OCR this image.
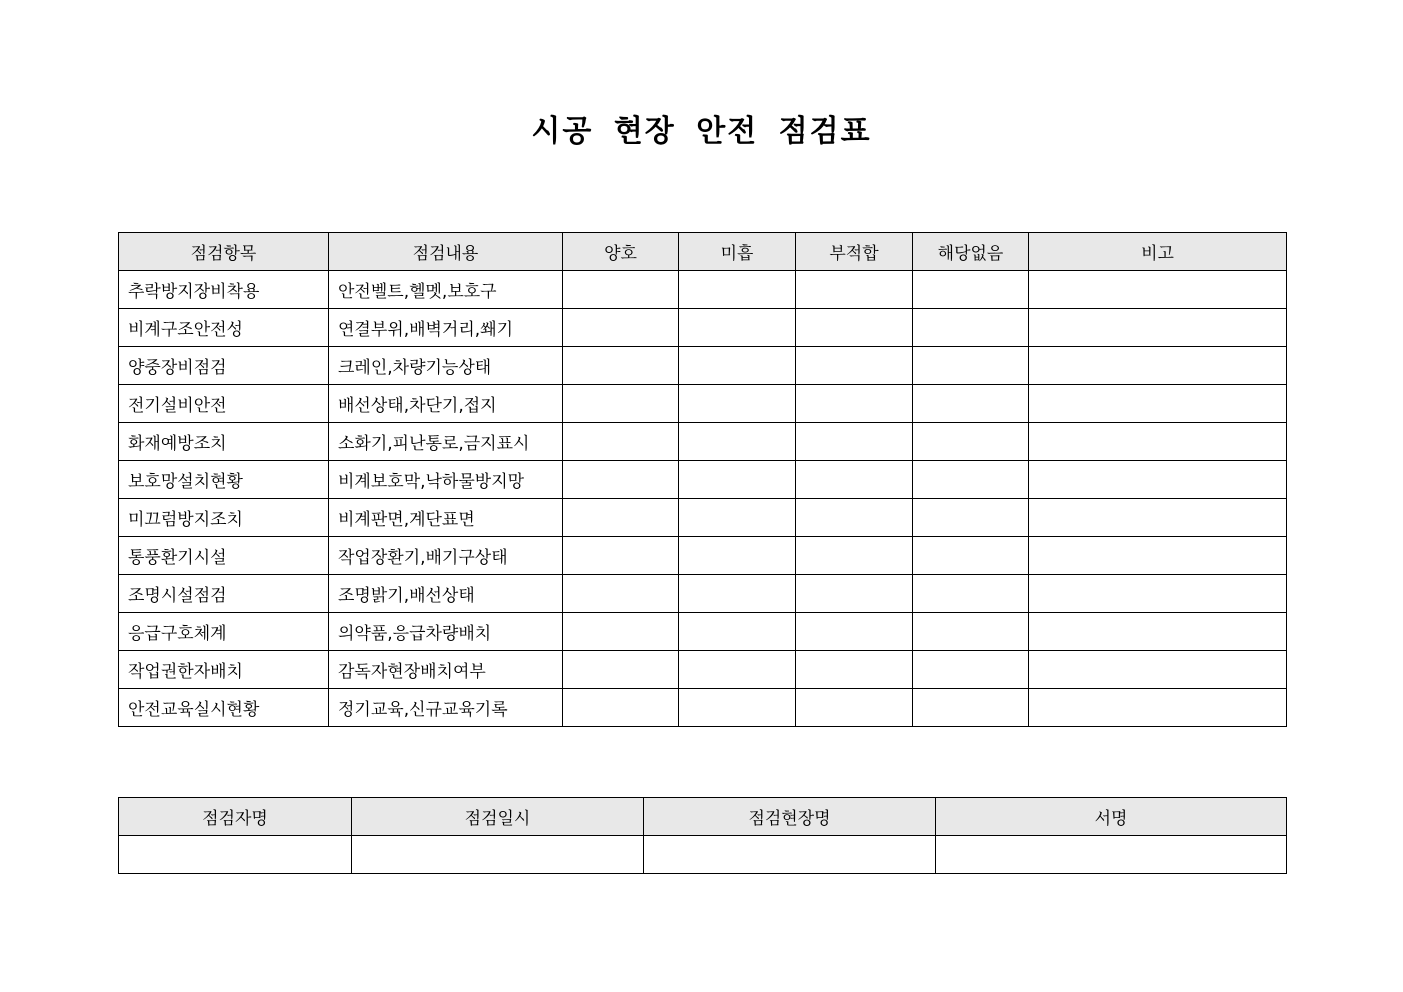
시공 현장 안전 점검표
점검항목	점검내용	양호	미흡	부적합	해당없음	비고
추락방지장비착용	안전벨트,헬멧,보호구					
비계구조안전성	연결부위,배벽거리,쐐기					
양중장비점검	크레인,차량기능상태					
전기설비안전	배선상태,차단기,접지					
화재예방조치	소화기,피난통로,금지표시					
보호망설치현황	비계보호막,낙하물방지망					
미끄럼방지조치	비계판면,계단표면					
통풍환기시설	작업장환기,배기구상태					
조명시설점검	조명밝기,배선상태					
응급구호체계	의약품,응급차량배치					
작업권한자배치	감독자현장배치여부					
안전교육실시현황	정기교육,신규교육기록					
점검자명	점검일시	점검현장명	서명
